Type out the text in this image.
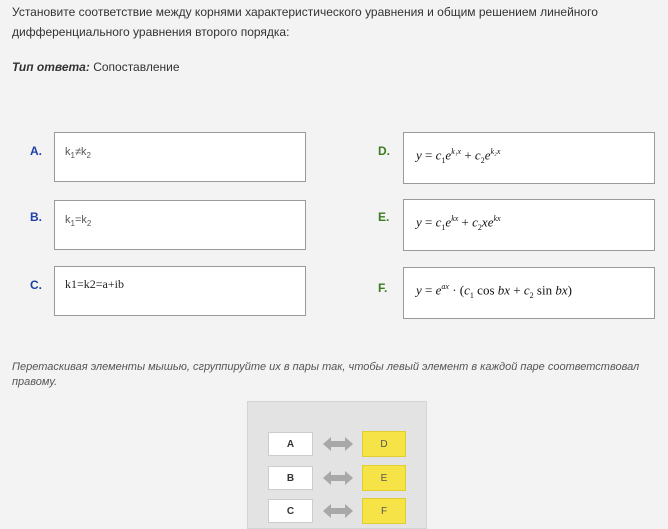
Установите соответствие между корнями характеристического уравнения и общим решением линейного дифференциального уравнения второго порядка:
Тип ответа: Сопоставление
A. $k_1\ne k_2$
B. $k_1=k_2$
C. k1=k2=a+ib
D. $y = c_1e^{k_1x} + c_2e^{k_2x}$
E. $y = c_1e^{kx} + c_2xe^{kx}$
F. $y = e^{ax} \cdot (c_1$ cos bx + $c_2$ sin bx)
Перетаскивая элементы мышью, сгруппируйте их в пары так, чтобы левый элемент в каждой паре соответствовал правому.
A	D
B	E
C	F
